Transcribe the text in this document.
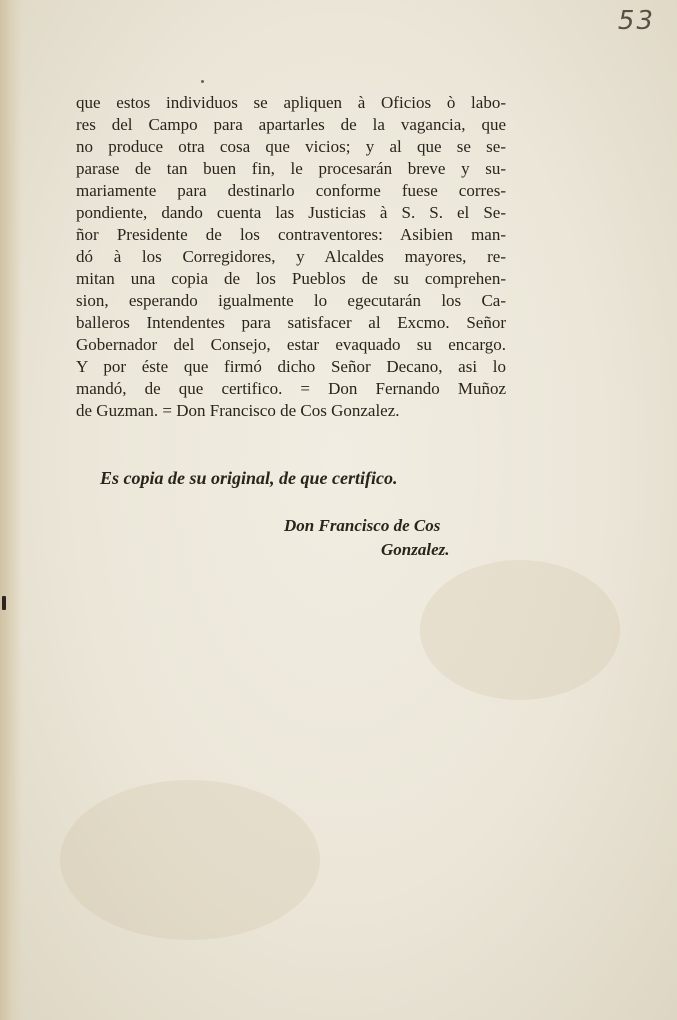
53
que estos individuos se apliquen à Oficios ò labo-
res del Campo para apartarles de la vagancia, que
no produce otra cosa que vicios; y al que se se-
parase de tan buen fin, le procesarán breve y su-
mariamente para destinarlo conforme fuese corres-
pondiente, dando cuenta las Justicias à S. S. el Se-
ñor Presidente de los contraventores: Asibien man-
dó à los Corregidores, y Alcaldes mayores, re-
mitan una copia de los Pueblos de su comprehen-
sion, esperando igualmente lo egecutarán los Ca-
balleros Intendentes para satisfacer al Excmo. Señor
Gobernador del Consejo, estar evaquado su encargo.
Y por éste que firmó dicho Señor Decano, asi lo
mandó, de que certifico. = Don Fernando Muñoz
de Guzman. = Don Francisco de Cos Gonzalez.
Es copia de su original, de que certifico.
Don Francisco de Cos
Gonzalez.
